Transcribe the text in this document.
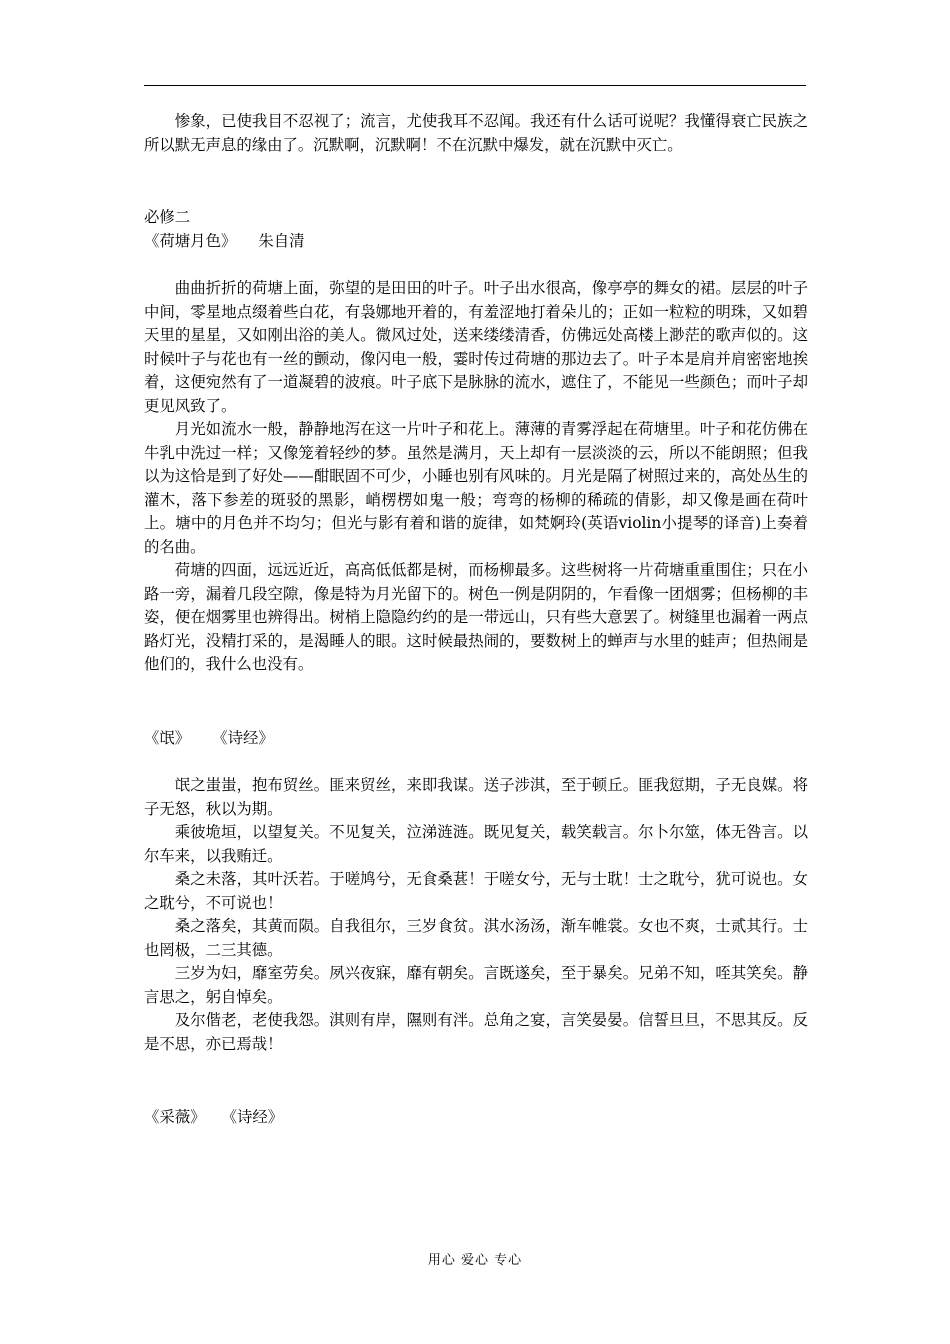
惨象，已使我目不忍视了；流言，尤使我耳不忍闻。我还有什么话可说呢？我懂得衰亡民族之所以默无声息的缘由了。沉默啊，沉默啊！不在沉默中爆发，就在沉默中灭亡。

必修二
《荷塘月色》 朱自清

曲曲折折的荷塘上面，弥望的是田田的叶子。叶子出水很高，像亭亭的舞女的裙。层层的叶子中间，零星地点缀着些白花，有袅娜地开着的，有羞涩地打着朵儿的；正如一粒粒的明珠，又如碧天里的星星，又如刚出浴的美人。微风过处，送来缕缕清香，仿佛远处高楼上渺茫的歌声似的。这时候叶子与花也有一丝的颤动，像闪电一般，霎时传过荷塘的那边去了。叶子本是肩并肩密密地挨着，这便宛然有了一道凝碧的波痕。叶子底下是脉脉的流水，遮住了，不能见一些颜色；而叶子却更见风致了。

月光如流水一般，静静地泻在这一片叶子和花上。薄薄的青雾浮起在荷塘里。叶子和花仿佛在牛乳中洗过一样；又像笼着轻纱的梦。虽然是满月，天上却有一层淡淡的云，所以不能朗照；但我以为这恰是到了好处——酣眠固不可少，小睡也别有风味的。月光是隔了树照过来的，高处丛生的灌木，落下参差的斑驳的黑影，峭楞楞如鬼一般；弯弯的杨柳的稀疏的倩影，却又像是画在荷叶上。塘中的月色并不均匀；但光与影有着和谐的旋律，如梵婀玲(英语violin小提琴的译音)上奏着的名曲。

荷塘的四面，远远近近，高高低低都是树，而杨柳最多。这些树将一片荷塘重重围住；只在小路一旁，漏着几段空隙，像是特为月光留下的。树色一例是阴阴的，乍看像一团烟雾；但杨柳的丰姿，便在烟雾里也辨得出。树梢上隐隐约约的是一带远山，只有些大意罢了。树缝里也漏着一两点路灯光，没精打采的，是渴睡人的眼。这时候最热闹的，要数树上的蝉声与水里的蛙声；但热闹是他们的，我什么也没有。

《氓》 《诗经》

氓之蚩蚩，抱布贸丝。匪来贸丝，来即我谋。送子涉淇，至于顿丘。匪我愆期，子无良媒。将子无怒，秋以为期。

乘彼垝垣，以望复关。不见复关，泣涕涟涟。既见复关，载笑载言。尔卜尔筮，体无咎言。以尔车来，以我贿迁。

桑之未落，其叶沃若。于嗟鸠兮，无食桑葚！于嗟女兮，无与士耽！士之耽兮，犹可说也。女之耽兮，不可说也！

桑之落矣，其黄而陨。自我徂尔，三岁食贫。淇水汤汤，渐车帷裳。女也不爽，士贰其行。士也罔极，二三其德。

三岁为妇，靡室劳矣。夙兴夜寐，靡有朝矣。言既遂矣，至于暴矣。兄弟不知，咥其笑矣。静言思之，躬自悼矣。

及尔偕老，老使我怨。淇则有岸，隰则有泮。总角之宴，言笑晏晏。信誓旦旦，不思其反。反是不思，亦已焉哉！

《采薇》 《诗经》
用心 爱心 专心
